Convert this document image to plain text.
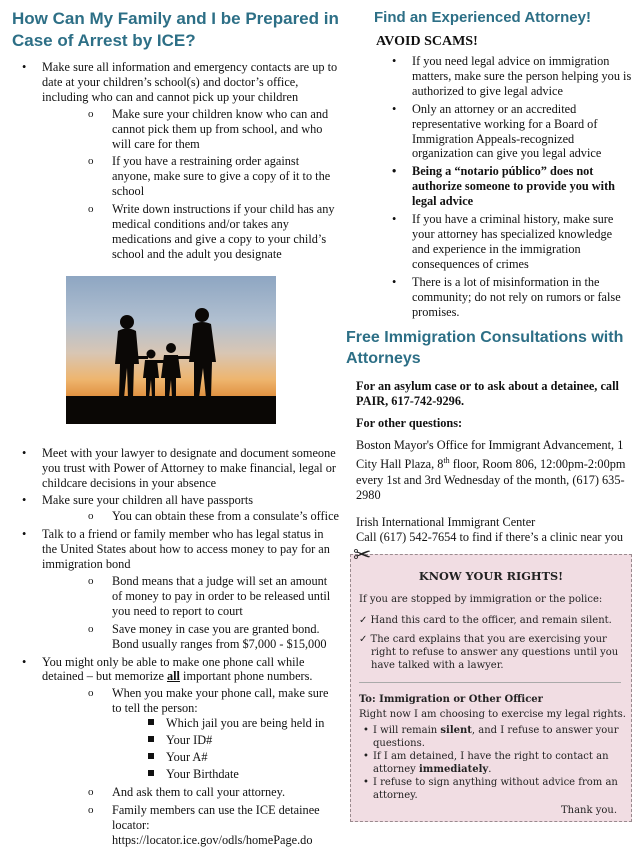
How Can My Family and I be Prepared in Case of Arrest by ICE?
• Make sure all information and emergency contacts are up to date at your children’s school(s) and doctor’s office, including who can and cannot pick up your children
o Make sure your children know who can and cannot pick them up from school, and who will care for them
o If you have a restraining order against anyone, make sure to give a copy of it to the school
o Write down instructions if your child has any medical conditions and/or takes any medications and give a copy to your child’s school and the adult you designate
• Meet with your lawyer to designate and document someone you trust with Power of Attorney to make financial, legal or childcare decisions in your absence
• Make sure your children all have passports
o You can obtain these from a consulate’s office
• Talk to a friend or family member who has legal status in the United States about how to access money to pay for an immigration bond
o Bond means that a judge will set an amount of money to pay in order to be released until you need to report to court
o Save money in case you are granted bond. Bond usually ranges from $7,000 - $15,000
• You might only be able to make one phone call while detained – but memorize all important phone numbers.
o When you make your phone call, make sure to tell the person:
Which jail you are being held in
Your ID#
Your A#
Your Birthdate
o And ask them to call your attorney.
o Family members can use the ICE detainee locator: https://locator.ice.gov/odls/homePage.do
Find an Experienced Attorney!
AVOID SCAMS!
• If you need legal advice on immigration matters, make sure the person helping you is authorized to give legal advice
• Only an attorney or an accredited representative working for a Board of Immigration Appeals-recognized organization can give you legal advice
• Being a “notario público” does not authorize someone to provide you with legal advice
• If you have a criminal history, make sure your attorney has specialized knowledge and experience in the immigration consequences of crimes
• There is a lot of misinformation in the community; do not rely on rumors or false promises.
Free Immigration Consultations with Attorneys

For an asylum case or to ask about a detainee, call PAIR, 617-742-9296.

For other questions:

Boston Mayor's Office for Immigrant Advancement, 1 City Hall Plaza, 8th floor, Room 806, 12:00pm-2:00pm every 1st and 3rd Wednesday of the month, (617) 635-2980

Irish International Immigrant Center

Call (617) 542-7654 to find if there’s a clinic near you

✂
KNOW YOUR RIGHTS!
If you are stopped by immigration or the police:
✓ Hand this card to the officer, and remain silent.
✓ The card explains that you are exercising your right to refuse to answer any questions until you have talked with a lawyer.
To: Immigration or Other Officer
Right now I am choosing to exercise my legal rights.
• I will remain silent, and I refuse to answer your questions.
• If I am detained, I have the right to contact an attorney immediately.
• I refuse to sign anything without advice from an attorney.
Thank you.
